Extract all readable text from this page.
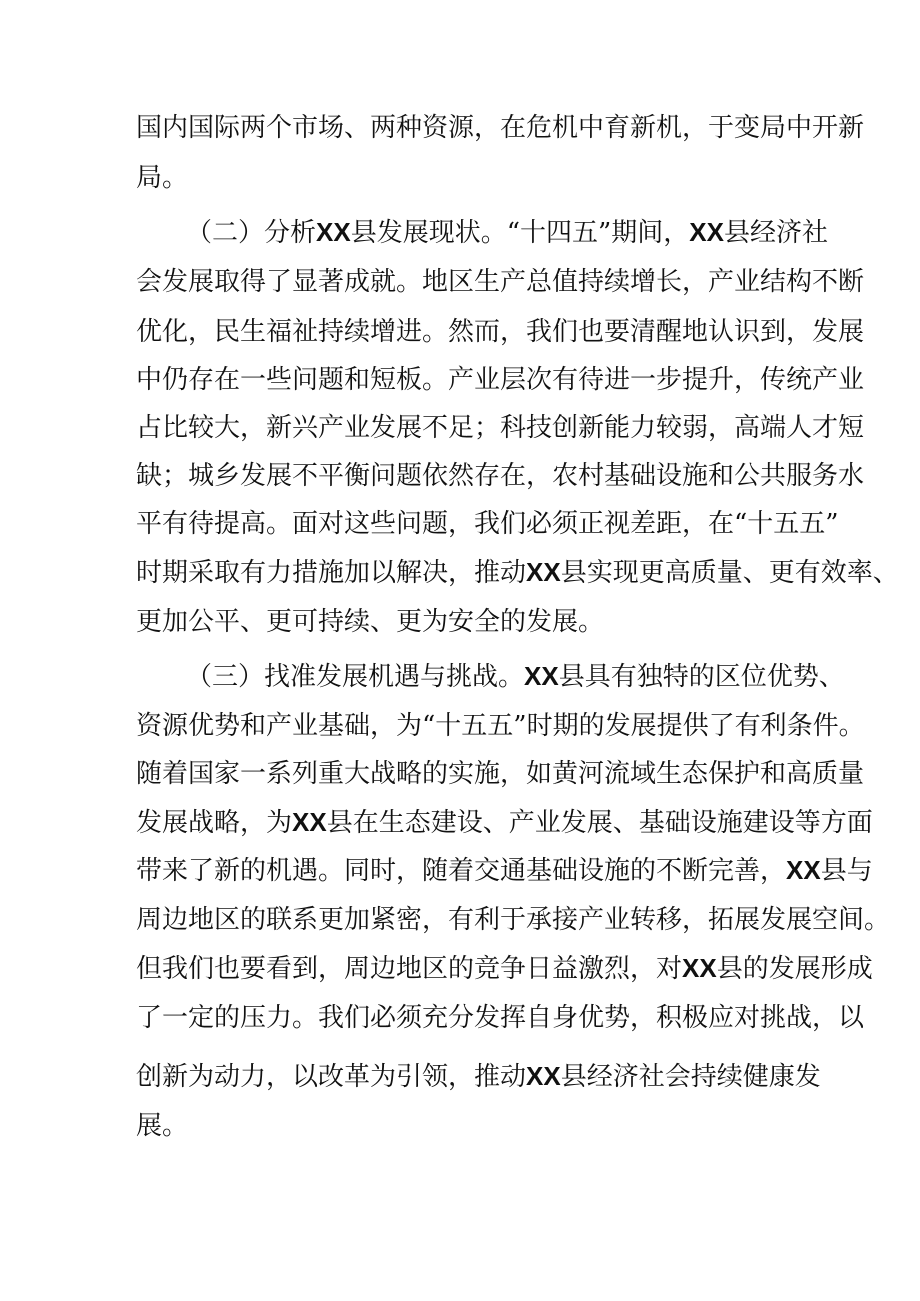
国内国际两个市场、两种资源，在危机中育新机，于变局中开新
局。
（二）分析XX县发展现状。“十四五”期间，XX县经济社
会发展取得了显著成就。地区生产总值持续增长，产业结构不断
优化，民生福祉持续增进。然而，我们也要清醒地认识到，发展
中仍存在一些问题和短板。产业层次有待进一步提升，传统产业
占比较大，新兴产业发展不足；科技创新能力较弱，高端人才短
缺；城乡发展不平衡问题依然存在，农村基础设施和公共服务水
平有待提高。面对这些问题，我们必须正视差距，在“十五五”
时期采取有力措施加以解决，推动XX县实现更高质量、更有效率、
更加公平、更可持续、更为安全的发展。
（三）找准发展机遇与挑战。XX县具有独特的区位优势、
资源优势和产业基础，为“十五五”时期的发展提供了有利条件。
随着国家一系列重大战略的实施，如黄河流域生态保护和高质量
发展战略，为XX县在生态建设、产业发展、基础设施建设等方面
带来了新的机遇。同时，随着交通基础设施的不断完善，XX县与
周边地区的联系更加紧密，有利于承接产业转移，拓展发展空间。
但我们也要看到，周边地区的竞争日益激烈，对XX县的发展形成
了一定的压力。我们必须充分发挥自身优势，积极应对挑战，以
创新为动力，以改革为引领，推动XX县经济社会持续健康发
展。
